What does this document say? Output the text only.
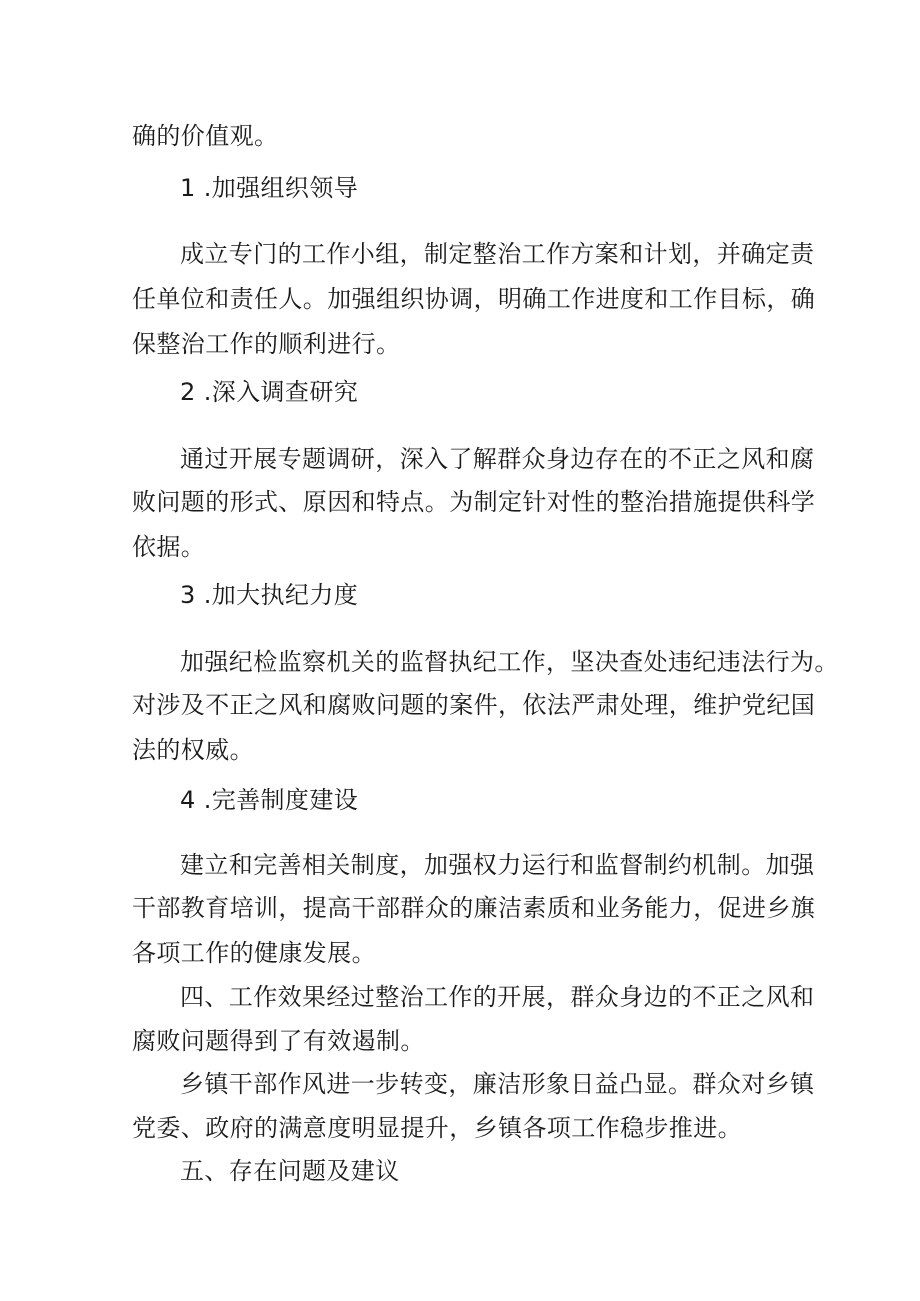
确的价值观。
1 .加强组织领导
成立专门的工作小组，制定整治工作方案和计划，并确定责
任单位和责任人。加强组织协调，明确工作进度和工作目标，确
保整治工作的顺利进行。
2 .深入调查研究
通过开展专题调研，深入了解群众身边存在的不正之风和腐
败问题的形式、原因和特点。为制定针对性的整治措施提供科学
依据。
3 .加大执纪力度
加强纪检监察机关的监督执纪工作，坚决查处违纪违法行为。
对涉及不正之风和腐败问题的案件，依法严肃处理，维护党纪国
法的权威。
4 .完善制度建设
建立和完善相关制度，加强权力运行和监督制约机制。加强
干部教育培训，提高干部群众的廉洁素质和业务能力，促进乡旗
各项工作的健康发展。
四、工作效果经过整治工作的开展，群众身边的不正之风和
腐败问题得到了有效遏制。
乡镇干部作风进一步转变，廉洁形象日益凸显。群众对乡镇
党委、政府的满意度明显提升，乡镇各项工作稳步推进。
五、存在问题及建议
